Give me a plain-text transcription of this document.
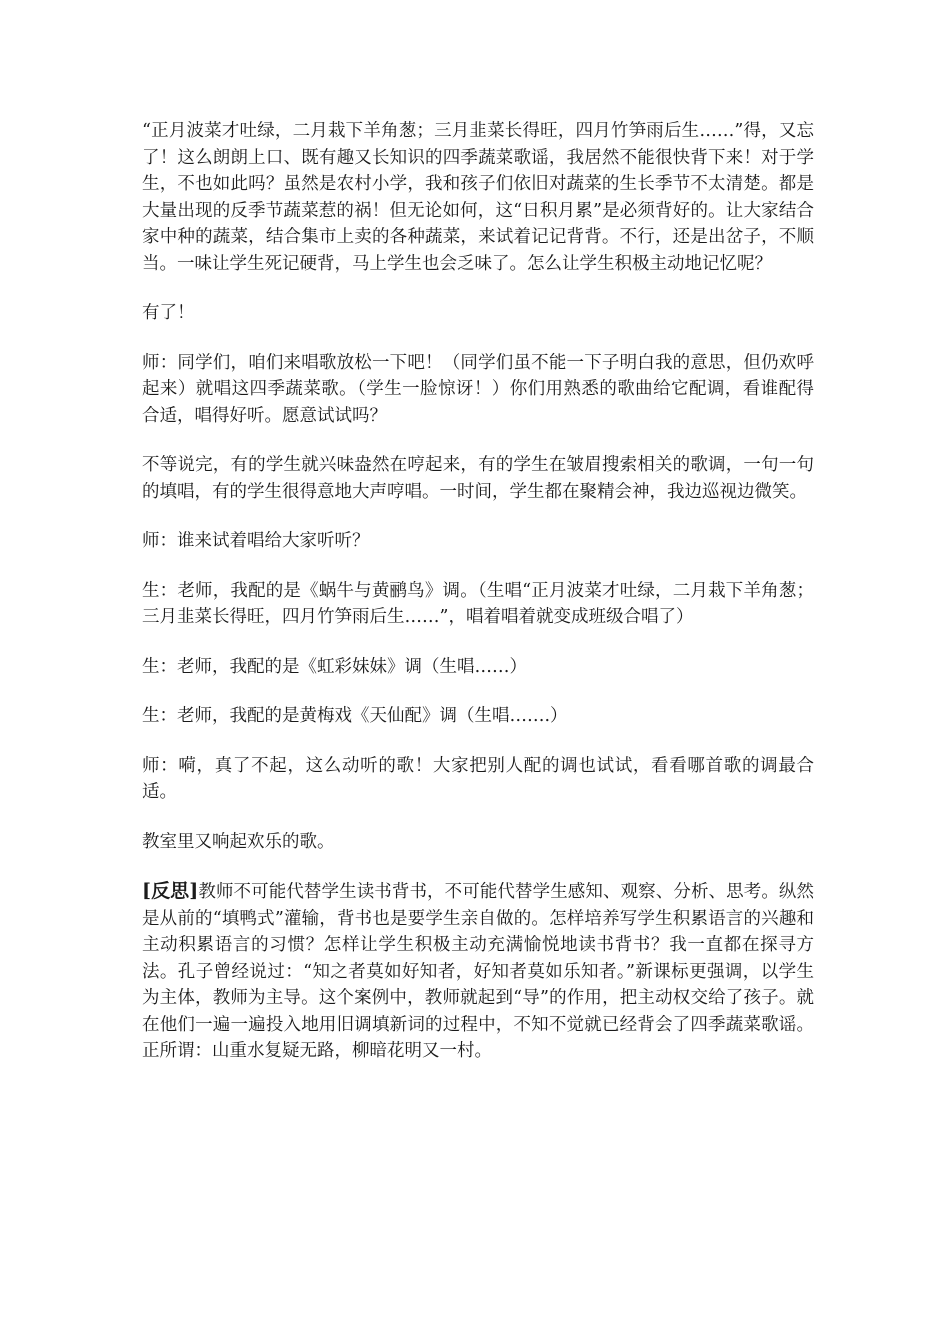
“正月波菜才吐绿，二月栽下羊角葱；三月韭菜长得旺，四月竹笋雨后生……”得，又忘了！这么朗朗上口、既有趣又长知识的四季蔬菜歌谣，我居然不能很快背下来！对于学生，不也如此吗？虽然是农村小学，我和孩子们依旧对蔬菜的生长季节不太清楚。都是大量出现的反季节蔬菜惹的祸！但无论如何，这“日积月累”是必须背好的。让大家结合家中种的蔬菜，结合集市上卖的各种蔬菜，来试着记记背背。不行，还是出岔子，不顺当。一味让学生死记硬背，马上学生也会乏味了。怎么让学生积极主动地记忆呢？

有了！

师：同学们，咱们来唱歌放松一下吧！（同学们虽不能一下子明白我的意思，但仍欢呼起来）就唱这四季蔬菜歌。（学生一脸惊讶！）你们用熟悉的歌曲给它配调，看谁配得合适，唱得好听。愿意试试吗？

不等说完，有的学生就兴味盎然在哼起来，有的学生在皱眉搜索相关的歌调，一句一句的填唱，有的学生很得意地大声哼唱。一时间，学生都在聚精会神，我边巡视边微笑。

师：谁来试着唱给大家听听？

生：老师，我配的是《蜗牛与黄鹂鸟》调。（生唱“正月波菜才吐绿，二月栽下羊角葱；三月韭菜长得旺，四月竹笋雨后生……”，唱着唱着就变成班级合唱了）

生：老师，我配的是《虹彩妹妹》调（生唱……）

生：老师，我配的是黄梅戏《天仙配》调（生唱…….）

师：嗬，真了不起，这么动听的歌！大家把别人配的调也试试，看看哪首歌的调最合适。

教室里又响起欢乐的歌。

[反思]教师不可能代替学生读书背书，不可能代替学生感知、观察、分析、思考。纵然是从前的“填鸭式”灌输，背书也是要学生亲自做的。怎样培养写学生积累语言的兴趣和主动积累语言的习惯？怎样让学生积极主动充满愉悦地读书背书？我一直都在探寻方法。孔子曾经说过：“知之者莫如好知者，好知者莫如乐知者。”新课标更强调，以学生为主体，教师为主导。这个案例中，教师就起到“导”的作用，把主动权交给了孩子。就在他们一遍一遍投入地用旧调填新词的过程中，不知不觉就已经背会了四季蔬菜歌谣。正所谓：山重水复疑无路，柳暗花明又一村。
